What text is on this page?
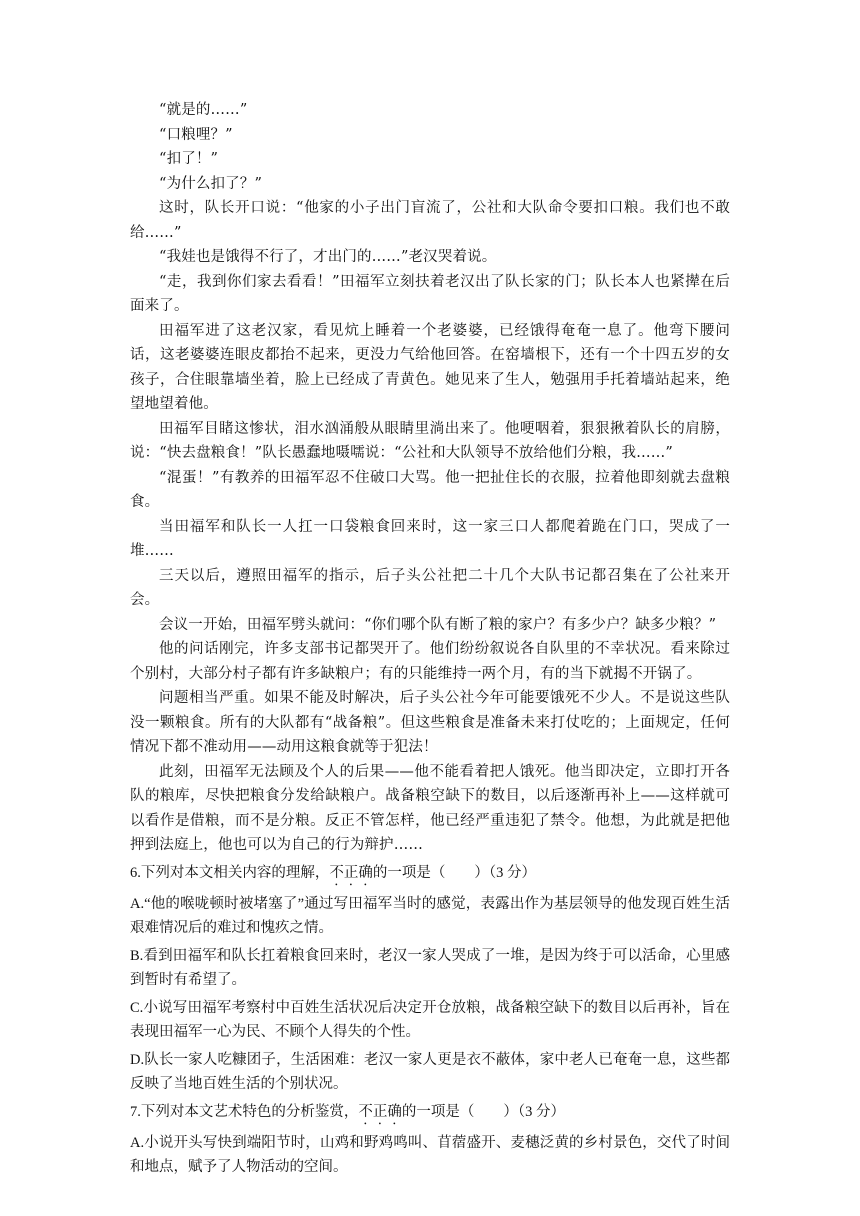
“就是的……”

“口粮哩？”

“扣了！”

“为什么扣了？”

这时，队长开口说：“他家的小子出门盲流了，公社和大队命令要扣口粮。我们也不敢给……”

“我娃也是饿得不行了，才出门的……”老汉哭着说。

“走，我到你们家去看看！”田福军立刻扶着老汉出了队长家的门；队长本人也紧撵在后面来了。

田福军进了这老汉家，看见炕上睡着一个老婆婆，已经饿得奄奄一息了。他弯下腰问话，这老婆婆连眼皮都抬不起来，更没力气给他回答。在窑墙根下，还有一个十四五岁的女孩子，合住眼靠墙坐着，脸上已经成了青黄色。她见来了生人，勉强用手托着墙站起来，绝望地望着他。

田福军目睹这惨状，泪水汹涌般从眼睛里淌出来了。他哽咽着，狠狠揪着队长的肩膀，说：“快去盘粮食！”队长愚蠢地嗫嚅说：“公社和大队领导不放给他们分粮，我……”

“混蛋！”有教养的田福军忍不住破口大骂。他一把扯住长的衣服，拉着他即刻就去盘粮食。

当田福军和队长一人扛一口袋粮食回来时，这一家三口人都爬着跪在门口，哭成了一堆……

三天以后，遵照田福军的指示，后子头公社把二十几个大队书记都召集在了公社来开会。

会议一开始，田福军劈头就问：“你们哪个队有断了粮的家户？有多少户？缺多少粮？”

他的问话刚完，许多支部书记都哭开了。他们纷纷叙说各自队里的不幸状况。看来除过个别村，大部分村子都有许多缺粮户；有的只能维持一两个月，有的当下就揭不开锅了。

问题相当严重。如果不能及时解决，后子头公社今年可能要饿死不少人。不是说这些队没一颗粮食。所有的大队都有“战备粮”。但这些粮食是准备未来打仗吃的；上面规定，任何情况下都不准动用——动用这粮食就等于犯法！

此刻，田福军无法顾及个人的后果——他不能看着把人饿死。他当即决定，立即打开各队的粮库，尽快把粮食分发给缺粮户。战备粮空缺下的数目，以后逐渐再补上——这样就可以看作是借粮，而不是分粮。反正不管怎样，他已经严重违犯了禁令。他想，为此就是把他押到法庭上，他也可以为自己的行为辩护……

6.下列对本文相关内容的理解，不正确的一项是（　　）（3 分）

A.“他的喉咙顿时被堵塞了”通过写田福军当时的感觉，表露出作为基层领导的他发现百姓生活艰难情况后的难过和愧疚之情。

B.看到田福军和队长扛着粮食回来时，老汉一家人哭成了一堆，是因为终于可以活命，心里感到暂时有希望了。

C.小说写田福军考察村中百姓生活状况后决定开仓放粮，战备粮空缺下的数目以后再补，旨在表现田福军一心为民、不顾个人得失的个性。

D.队长一家人吃糠团子，生活困难：老汉一家人更是衣不蔽体，家中老人已奄奄一息，这些都反映了当地百姓生活的个别状况。

7.下列对本文艺术特色的分析鉴赏，不正确的一项是（　　）（3 分）

A.小说开头写快到端阳节时，山鸡和野鸡鸣叫、苜蓿盛开、麦穗泛黄的乡村景色，交代了时间和地点，赋予了人物活动的空间。
